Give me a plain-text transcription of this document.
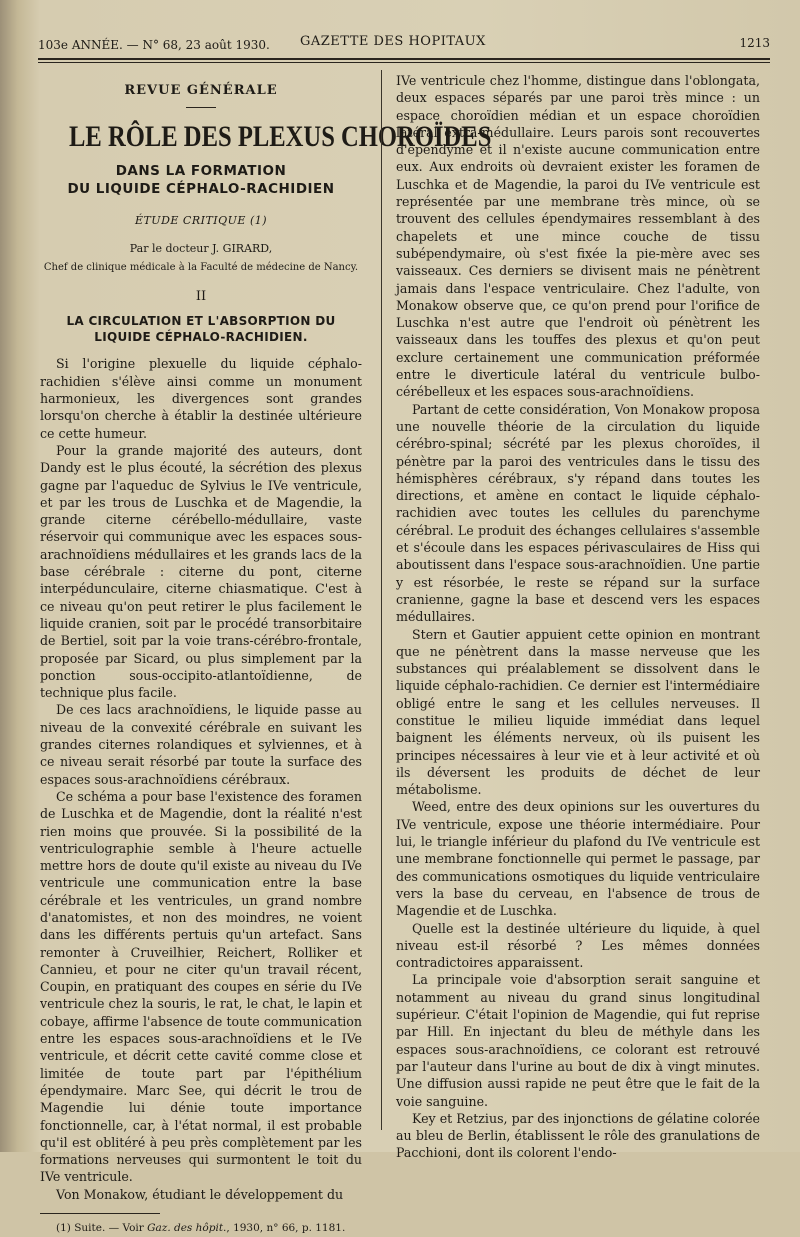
103e ANNÉE. — N° 68, 23 août 1930. GAZETTE DES HOPITAUX	1213
REVUE GÉNÉRALE
LE RÔLE DES PLEXUS CHOROÏDES
DANS LA FORMATION
DU LIQUIDE CÉPHALO-RACHIDIEN
ÉTUDE CRITIQUE (1)
Par le docteur J. GIRARD,
Chef de clinique médicale à la Faculté de médecine de Nancy.
II
LA CIRCULATION ET L'ABSORPTION DU LIQUIDE CÉPHALO-RACHIDIEN.

Si l'origine plexuelle du liquide céphalo-rachidien s'élève ainsi comme un monument harmonieux, les divergences sont grandes lorsqu'on cherche à établir la destinée ultérieure ce cette humeur.

Pour la grande majorité des auteurs, dont Dandy est le plus écouté, la sécrétion des plexus gagne par l'aqueduc de Sylvius le IVe ventricule, et par les trous de Luschka et de Magendie, la grande citerne cérébello-médullaire, vaste réservoir qui communique avec les espaces sous-arachnoïdiens médullaires et les grands lacs de la base cérébrale : citerne du pont, citerne interpédunculaire, citerne chiasmatique. C'est à ce niveau qu'on peut retirer le plus facilement le liquide cranien, soit par le procédé transorbitaire de Bertiel, soit par la voie trans-cérébro-frontale, proposée par Sicard, ou plus simplement par la ponction sous-occipito-atlantoïdienne, de technique plus facile.

De ces lacs arachnoïdiens, le liquide passe au niveau de la convexité cérébrale en suivant les grandes citernes rolandiques et sylviennes, et à ce niveau serait résorbé par toute la surface des espaces sous-arachnoïdiens cérébraux.

Ce schéma a pour base l'existence des foramen de Luschka et de Magendie, dont la réalité n'est rien moins que prouvée. Si la possibilité de la ventriculographie semble à l'heure actuelle mettre hors de doute qu'il existe au niveau du IVe ventricule une communication entre la base cérébrale et les ventricules, un grand nombre d'anatomistes, et non des moindres, ne voient dans les différents pertuis qu'un artefact. Sans remonter à Cruveilhier, Reichert, Rolliker et Cannieu, et pour ne citer qu'un travail récent, Coupin, en pratiquant des coupes en série du IVe ventricule chez la souris, le rat, le chat, le lapin et cobaye, affirme l'absence de toute communication entre les espaces sous-arachnoïdiens et le IVe ventricule, et décrit cette cavité comme close et limitée de toute part par l'épithélium épendymaire. Marc See, qui décrit le trou de Magendie lui dénie toute importance fonctionnelle, car, à l'état normal, il est probable qu'il est oblitéré à peu près complètement par les formations nerveuses qui surmontent le toit du IVe ventricule.

Von Monakow, étudiant le développement du

(1) Suite. — Voir Gaz. des hôpit., 1930, n° 66, p. 1181.

IVe ventricule chez l'homme, distingue dans l'oblongata, deux espaces séparés par une paroi très mince : un espace choroïdien médian et un espace choroïdien latéral extra-médullaire. Leurs parois sont recouvertes d'épendyme et il n'existe aucune communication entre eux. Aux endroits où devraient exister les foramen de Luschka et de Magendie, la paroi du IVe ventricule est représentée par une membrane très mince, où se trouvent des cellules épendymaires ressemblant à des chapelets et une mince couche de tissu subépendymaire, où s'est fixée la pie-mère avec ses vaisseaux. Ces derniers se divisent mais ne pénètrent jamais dans l'espace ventriculaire. Chez l'adulte, von Monakow observe que, ce qu'on prend pour l'orifice de Luschka n'est autre que l'endroit où pénètrent les vaisseaux dans les touffes des plexus et qu'on peut exclure certainement une communication préformée entre le diverticule latéral du ventricule bulbo-cérébelleux et les espaces sous-arachnoïdiens.

Partant de cette considération, Von Monakow proposa une nouvelle théorie de la circulation du liquide cérébro-spinal; sécrété par les plexus choroïdes, il pénètre par la paroi des ventricules dans le tissu des hémisphères cérébraux, s'y répand dans toutes les directions, et amène en contact le liquide céphalo-rachidien avec toutes les cellules du parenchyme cérébral. Le produit des échanges cellulaires s'assemble et s'écoule dans les espaces périvasculaires de Hiss qui aboutissent dans l'espace sous-arachnoïdien. Une partie y est résorbée, le reste se répand sur la surface cranienne, gagne la base et descend vers les espaces médullaires.

Stern et Gautier appuient cette opinion en montrant que ne pénètrent dans la masse nerveuse que les substances qui préalablement se dissolvent dans le liquide céphalo-rachidien. Ce dernier est l'intermédiaire obligé entre le sang et les cellules nerveuses. Il constitue le milieu liquide immédiat dans lequel baignent les éléments nerveux, où ils puisent les principes nécessaires à leur vie et à leur activité et où ils déversent les produits de déchet de leur métabolisme.

Weed, entre des deux opinions sur les ouvertures du IVe ventricule, expose une théorie intermédiaire. Pour lui, le triangle inférieur du plafond du IVe ventricule est une membrane fonctionnelle qui permet le passage, par des communications osmotiques du liquide ventriculaire vers la base du cerveau, en l'absence de trous de Magendie et de Luschka.

Quelle est la destinée ultérieure du liquide, à quel niveau est-il résorbé ? Les mêmes données contradictoires apparaissent.

La principale voie d'absorption serait sanguine et notamment au niveau du grand sinus longitudinal supérieur. C'était l'opinion de Magendie, qui fut reprise par Hill. En injectant du bleu de méthyle dans les espaces sous-arachnoïdiens, ce colorant est retrouvé par l'auteur dans l'urine au bout de dix à vingt minutes. Une diffusion aussi rapide ne peut être que le fait de la voie sanguine.

Key et Retzius, par des injonctions de gélatine colorée au bleu de Berlin, établissent le rôle des granulations de Pacchioni, dont ils colorent l'endo-
